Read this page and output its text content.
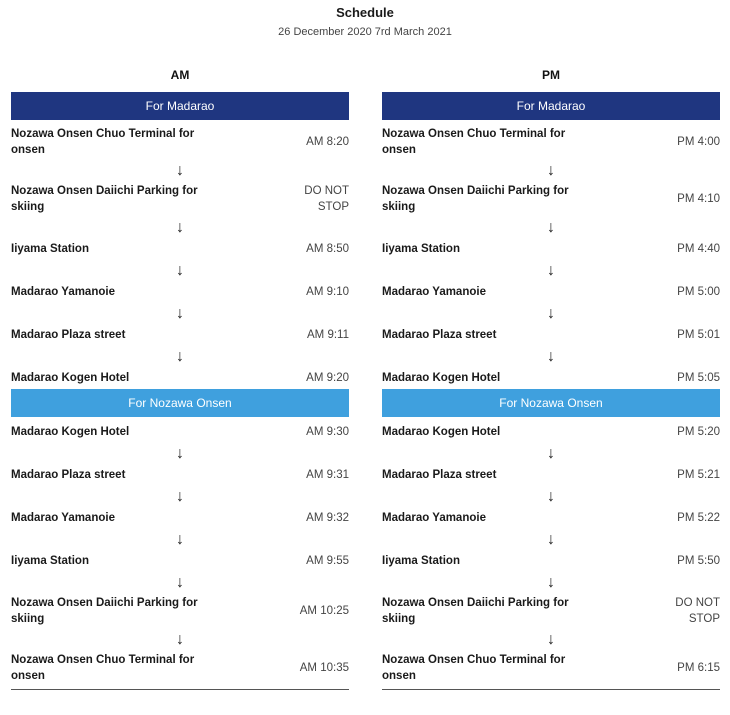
Schedule
26 December 2020 7rd March 2021
AM
For Madarao
Nozawa Onsen Chuo Terminal for onsen
AM 8:20
↓
Nozawa Onsen Daiichi Parking for skiing
DO NOT STOP
↓
Iiyama Station	AM 8:50
↓
Madarao Yamanoie	AM 9:10
↓
Madarao Plaza street	AM 9:11
↓
Madarao Kogen Hotel	AM 9:20
For Nozawa Onsen
Madarao Kogen Hotel	AM 9:30
↓
Madarao Plaza street	AM 9:31
↓
Madarao Yamanoie	AM 9:32
↓
Iiyama Station	AM 9:55
↓
Nozawa Onsen Daiichi Parking for skiing
AM 10:25
↓
Nozawa Onsen Chuo Terminal for onsen
AM 10:35
PM
For Madarao
Nozawa Onsen Chuo Terminal for onsen
PM 4:00
↓
Nozawa Onsen Daiichi Parking for skiing
PM 4:10
↓
Iiyama Station	PM 4:40
↓
Madarao Yamanoie	PM 5:00
↓
Madarao Plaza street	PM 5:01
↓
Madarao Kogen Hotel	PM 5:05
For Nozawa Onsen
Madarao Kogen Hotel	PM 5:20
↓
Madarao Plaza street	PM 5:21
↓
Madarao Yamanoie	PM 5:22
↓
Iiyama Station	PM 5:50
↓
Nozawa Onsen Daiichi Parking for skiing
DO NOT STOP
↓
Nozawa Onsen Chuo Terminal for onsen
PM 6:15
